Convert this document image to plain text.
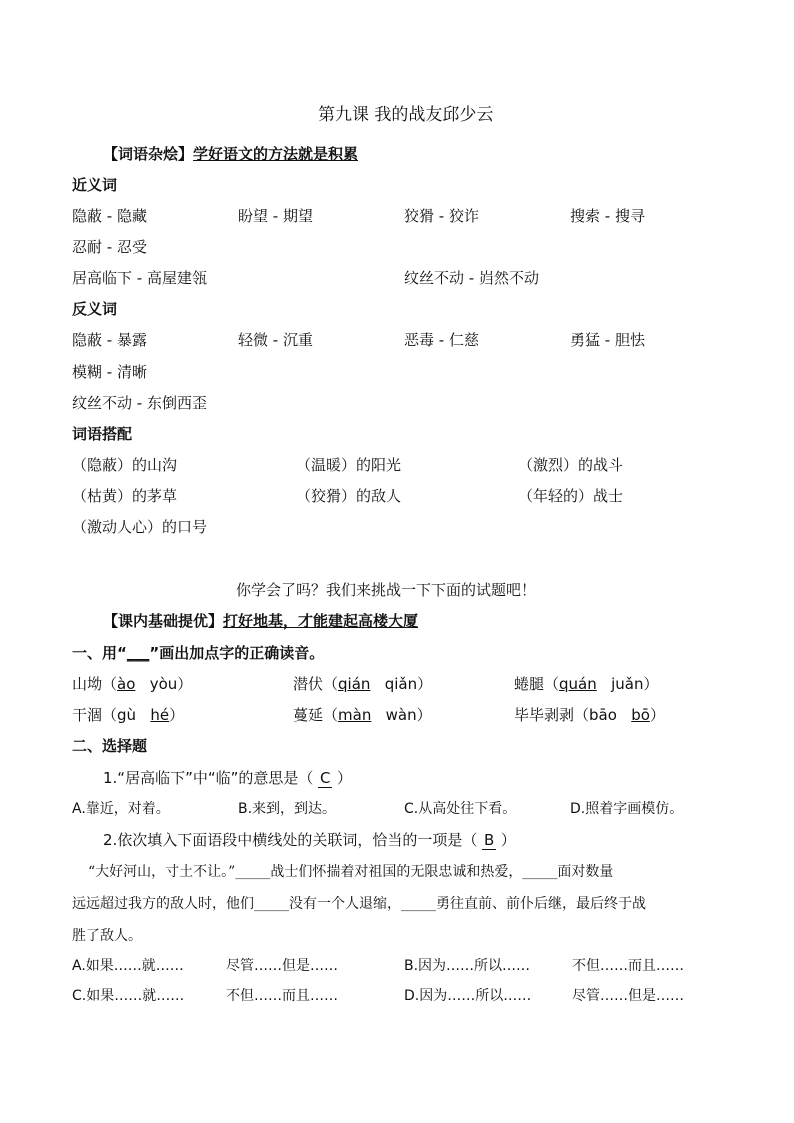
第九课 我的战友邱少云
【词语杂烩】学好语文的方法就是积累
近义词
隐蔽 - 隐藏	盼望 - 期望	狡猾 - 狡诈	搜索 - 搜寻
忍耐 - 忍受
居高临下 - 高屋建瓴	纹丝不动 - 岿然不动
反义词
隐蔽 - 暴露	轻微 - 沉重	恶毒 - 仁慈	勇猛 - 胆怯
模糊 - 清晰
纹丝不动 - 东倒西歪
词语搭配
（隐蔽）的山沟	（温暖）的阳光	（激烈）的战斗
（枯黄）的茅草	（狡猾）的敌人	（年轻的）战士
（激动人心）的口号
你学会了吗？我们来挑战一下下面的试题吧！
【课内基础提优】打好地基，才能建起高楼大厦
一、用“___”画出加点字的正确读音。
山坳（ào yòu）	潜伏（qián qiǎn）	蜷腿（quán juǎn）
干涸（gù hé）	蔓延（màn wàn）	毕毕剥剥（bāo bō）
二、选择题
1.“居高临下”中“临”的意思是（ C ）
A.靠近，对着。	B.来到，到达。	C.从高处往下看。	D.照着字画模仿。
2.依次填入下面语段中横线处的关联词，恰当的一项是（ B ）
“大好河山，寸土不让。”_____战士们怀揣着对祖国的无限忠诚和热爱，_____面对数量
远远超过我方的敌人时，他们_____没有一个人退缩，_____勇往直前、前仆后继，最后终于战
胜了敌人。
A.如果……就……	尽管……但是……	B.因为……所以……	不但……而且……
C.如果……就……	不但……而且……	D.因为……所以……	尽管……但是……
